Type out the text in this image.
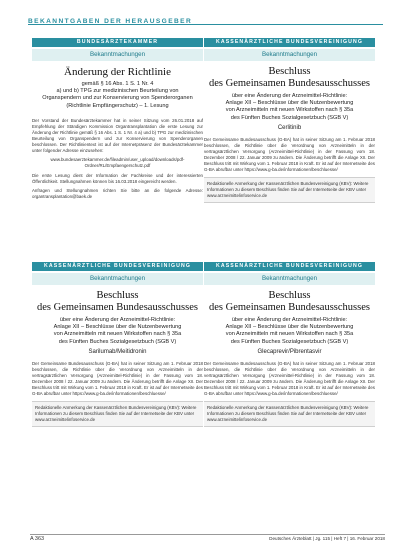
BEKANNTGABEN DER HERAUSGEBER
BUNDESÄRZTEKAMMER
Bekanntmachungen
Änderung der Richtlinie
gemäß § 16 Abs. 1 S. 1 Nr. 4
a) und b) TPG zur medizinischen Beurteilung von
Organspendern und zur Konservierung von Spenderorganen
(Richtlinie Empfängerschutz) – 1. Lesung

Der Vorstand der Bundesärztekammer hat in seiner Sitzung vom 26.01.2018 auf Empfehlung der Ständigen Kommission Organtransplantation die erste Lesung zur Änderung der Richtlinie gemäß § 16 Abs. 1 S. 1 Nr. 4 a) und b) TPG zur medizinischen Beurteilung von Organspendern und zur Konservierung von Spenderorganen beschlossen. Der Richtlinientext ist auf der Internetpräsenz der Bundesärztekammer unter folgender Adresse einzusehen:

www.bundesaerztekammer.de/fileadmin/user_upload/downloads/pdf-Ordner/RL/Empfaengerschutz.pdf

Die erste Lesung dient der Information der Fachkreise und der interessierten Öffentlichkeit. Stellungnahmen können bis 16.03.2018 eingereicht werden.

Anfragen und Stellungnahmen richten Sie bitte an die folgende Adresse: organtransplantation@baek.de

KASSENÄRZTLICHE BUNDESVEREINIGUNG
Bekanntmachungen
Beschluss
des Gemeinsamen Bundesausschusses
über eine Änderung der Arzneimittel-Richtlinie:
Anlage XII – Beschlüsse über die Nutzenbewertung
von Arzneimitteln mit neuen Wirkstoffen nach § 35a
des Fünften Buches Sozialgesetzbuch (SGB V)
Cerlitinib

Der Gemeinsame Bundesausschuss (G-BA) hat in seiner Sitzung am 1. Februar 2018 beschlossen, die Richtlinie über die Verordnung von Arzneimitteln in der vertragsärztlichen Versorgung (Arzneimittel-Richtlinie) in der Fassung vom 18. Dezember 2008 / 22. Januar 2009 zu ändern. Die Änderung betrifft die Anlage XII. Der Beschluss tritt mit Wirkung vom 1. Februar 2018 in Kraft. Er ist auf der Internetseite des G-BA abrufbar unter https://www.g-ba.de/informationen/beschluesse/

Redaktionelle Anmerkung der Kassenärztlichen Bundesvereinigung (KBV): Weitere Informationen zu diesem Beschluss finden Sie auf der Internetseite der KBV unter www.arzneimittelinfoservice.de
KASSENÄRZTLICHE BUNDESVEREINIGUNG
Bekanntmachungen
Beschluss
des Gemeinsamen Bundesausschusses
über eine Änderung der Arzneimittel-Richtlinie:
Anlage XII – Beschlüsse über die Nutzenbewertung
von Arzneimitteln mit neuen Wirkstoffen nach § 35a
des Fünften Buches Sozialgesetzbuch (SGB V)
Sarilumab/Meitidronin

Der Gemeinsame Bundesausschuss (G-BA) hat in seiner Sitzung am 1. Februar 2018 beschlossen, die Richtlinie über die Verordnung von Arzneimitteln in der vertragsärztlichen Versorgung (Arzneimittel-Richtlinie) in der Fassung vom 18. Dezember 2008 / 22. Januar 2009 zu ändern. Die Änderung betrifft die Anlage XII. Der Beschluss tritt mit Wirkung vom 1. Februar 2018 in Kraft. Er ist auf der Internetseite des G-BA abrufbar unter https://www.g-ba.de/informationen/beschluesse/

Redaktionelle Anmerkung der Kassenärztlichen Bundesvereinigung (KBV): Weitere Informationen zu diesem Beschluss finden Sie auf der Internetseite der KBV unter www.arzneimittelinfoservice.de
KASSENÄRZTLICHE BUNDESVEREINIGUNG
Bekanntmachungen
Beschluss
des Gemeinsamen Bundesausschusses
über eine Änderung der Arzneimittel-Richtlinie:
Anlage XII – Beschlüsse über die Nutzenbewertung
von Arzneimitteln mit neuen Wirkstoffen nach § 35a
des Fünften Buches Sozialgesetzbuch (SGB V)
Glecaprevir/Pibrentasvir

Der Gemeinsame Bundesausschuss (G-BA) hat in seiner Sitzung am 1. Februar 2018 beschlossen, die Richtlinie über die Verordnung von Arzneimitteln in der vertragsärztlichen Versorgung (Arzneimittel-Richtlinie) in der Fassung vom 18. Dezember 2008 / 22. Januar 2009 zu ändern. Die Änderung betrifft die Anlage XII. Der Beschluss tritt mit Wirkung vom 1. Februar 2018 in Kraft. Er ist auf der Internetseite des G-BA abrufbar unter https://www.g-ba.de/informationen/beschluesse/

Redaktionelle Anmerkung der Kassenärztlichen Bundesvereinigung (KBV): Weitere Informationen zu diesem Beschluss finden Sie auf der Internetseite der KBV unter www.arzneimittelinfoservice.de
A 363	Deutsches Ärzteblatt | Jg. 115 | Heft 7 | 16. Februar 2018
